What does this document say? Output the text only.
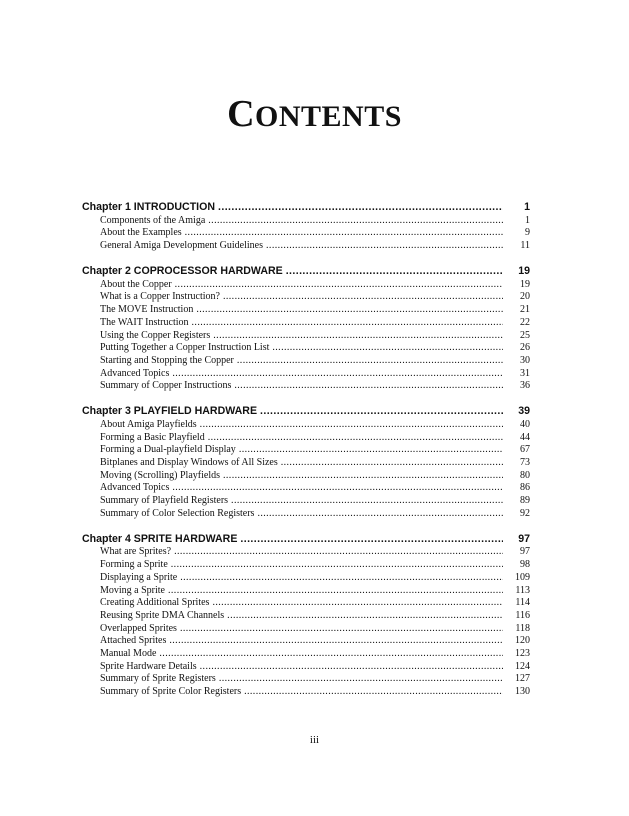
CONTENTS
Chapter 1 INTRODUCTION .....	1
Components of the Amiga .....	1
About the Examples .....	9
General Amiga Development Guidelines .....	11
Chapter 2 COPROCESSOR HARDWARE .....	19
About the Copper .....	19
What is a Copper Instruction? .....	20
The MOVE Instruction .....	21
The WAIT Instruction .....	22
Using the Copper Registers .....	25
Putting Together a Copper Instruction List .....	26
Starting and Stopping the Copper .....	30
Advanced Topics .....	31
Summary of Copper Instructions .....	36
Chapter 3 PLAYFIELD HARDWARE .....	39
About Amiga Playfields .....	40
Forming a Basic Playfield .....	44
Forming a Dual-playfield Display .....	67
Bitplanes and Display Windows of All Sizes .....	73
Moving (Scrolling) Playfields .....	80
Advanced Topics .....	86
Summary of Playfield Registers .....	89
Summary of Color Selection Registers .....	92
Chapter 4 SPRITE HARDWARE .....	97
What are Sprites? .....	97
Forming a Sprite .....	98
Displaying a Sprite .....	109
Moving a Sprite .....	113
Creating Additional Sprites .....	114
Reusing Sprite DMA Channels .....	116
Overlapped Sprites .....	118
Attached Sprites .....	120
Manual Mode .....	123
Sprite Hardware Details .....	124
Summary of Sprite Registers .....	127
Summary of Sprite Color Registers .....	130
iii
